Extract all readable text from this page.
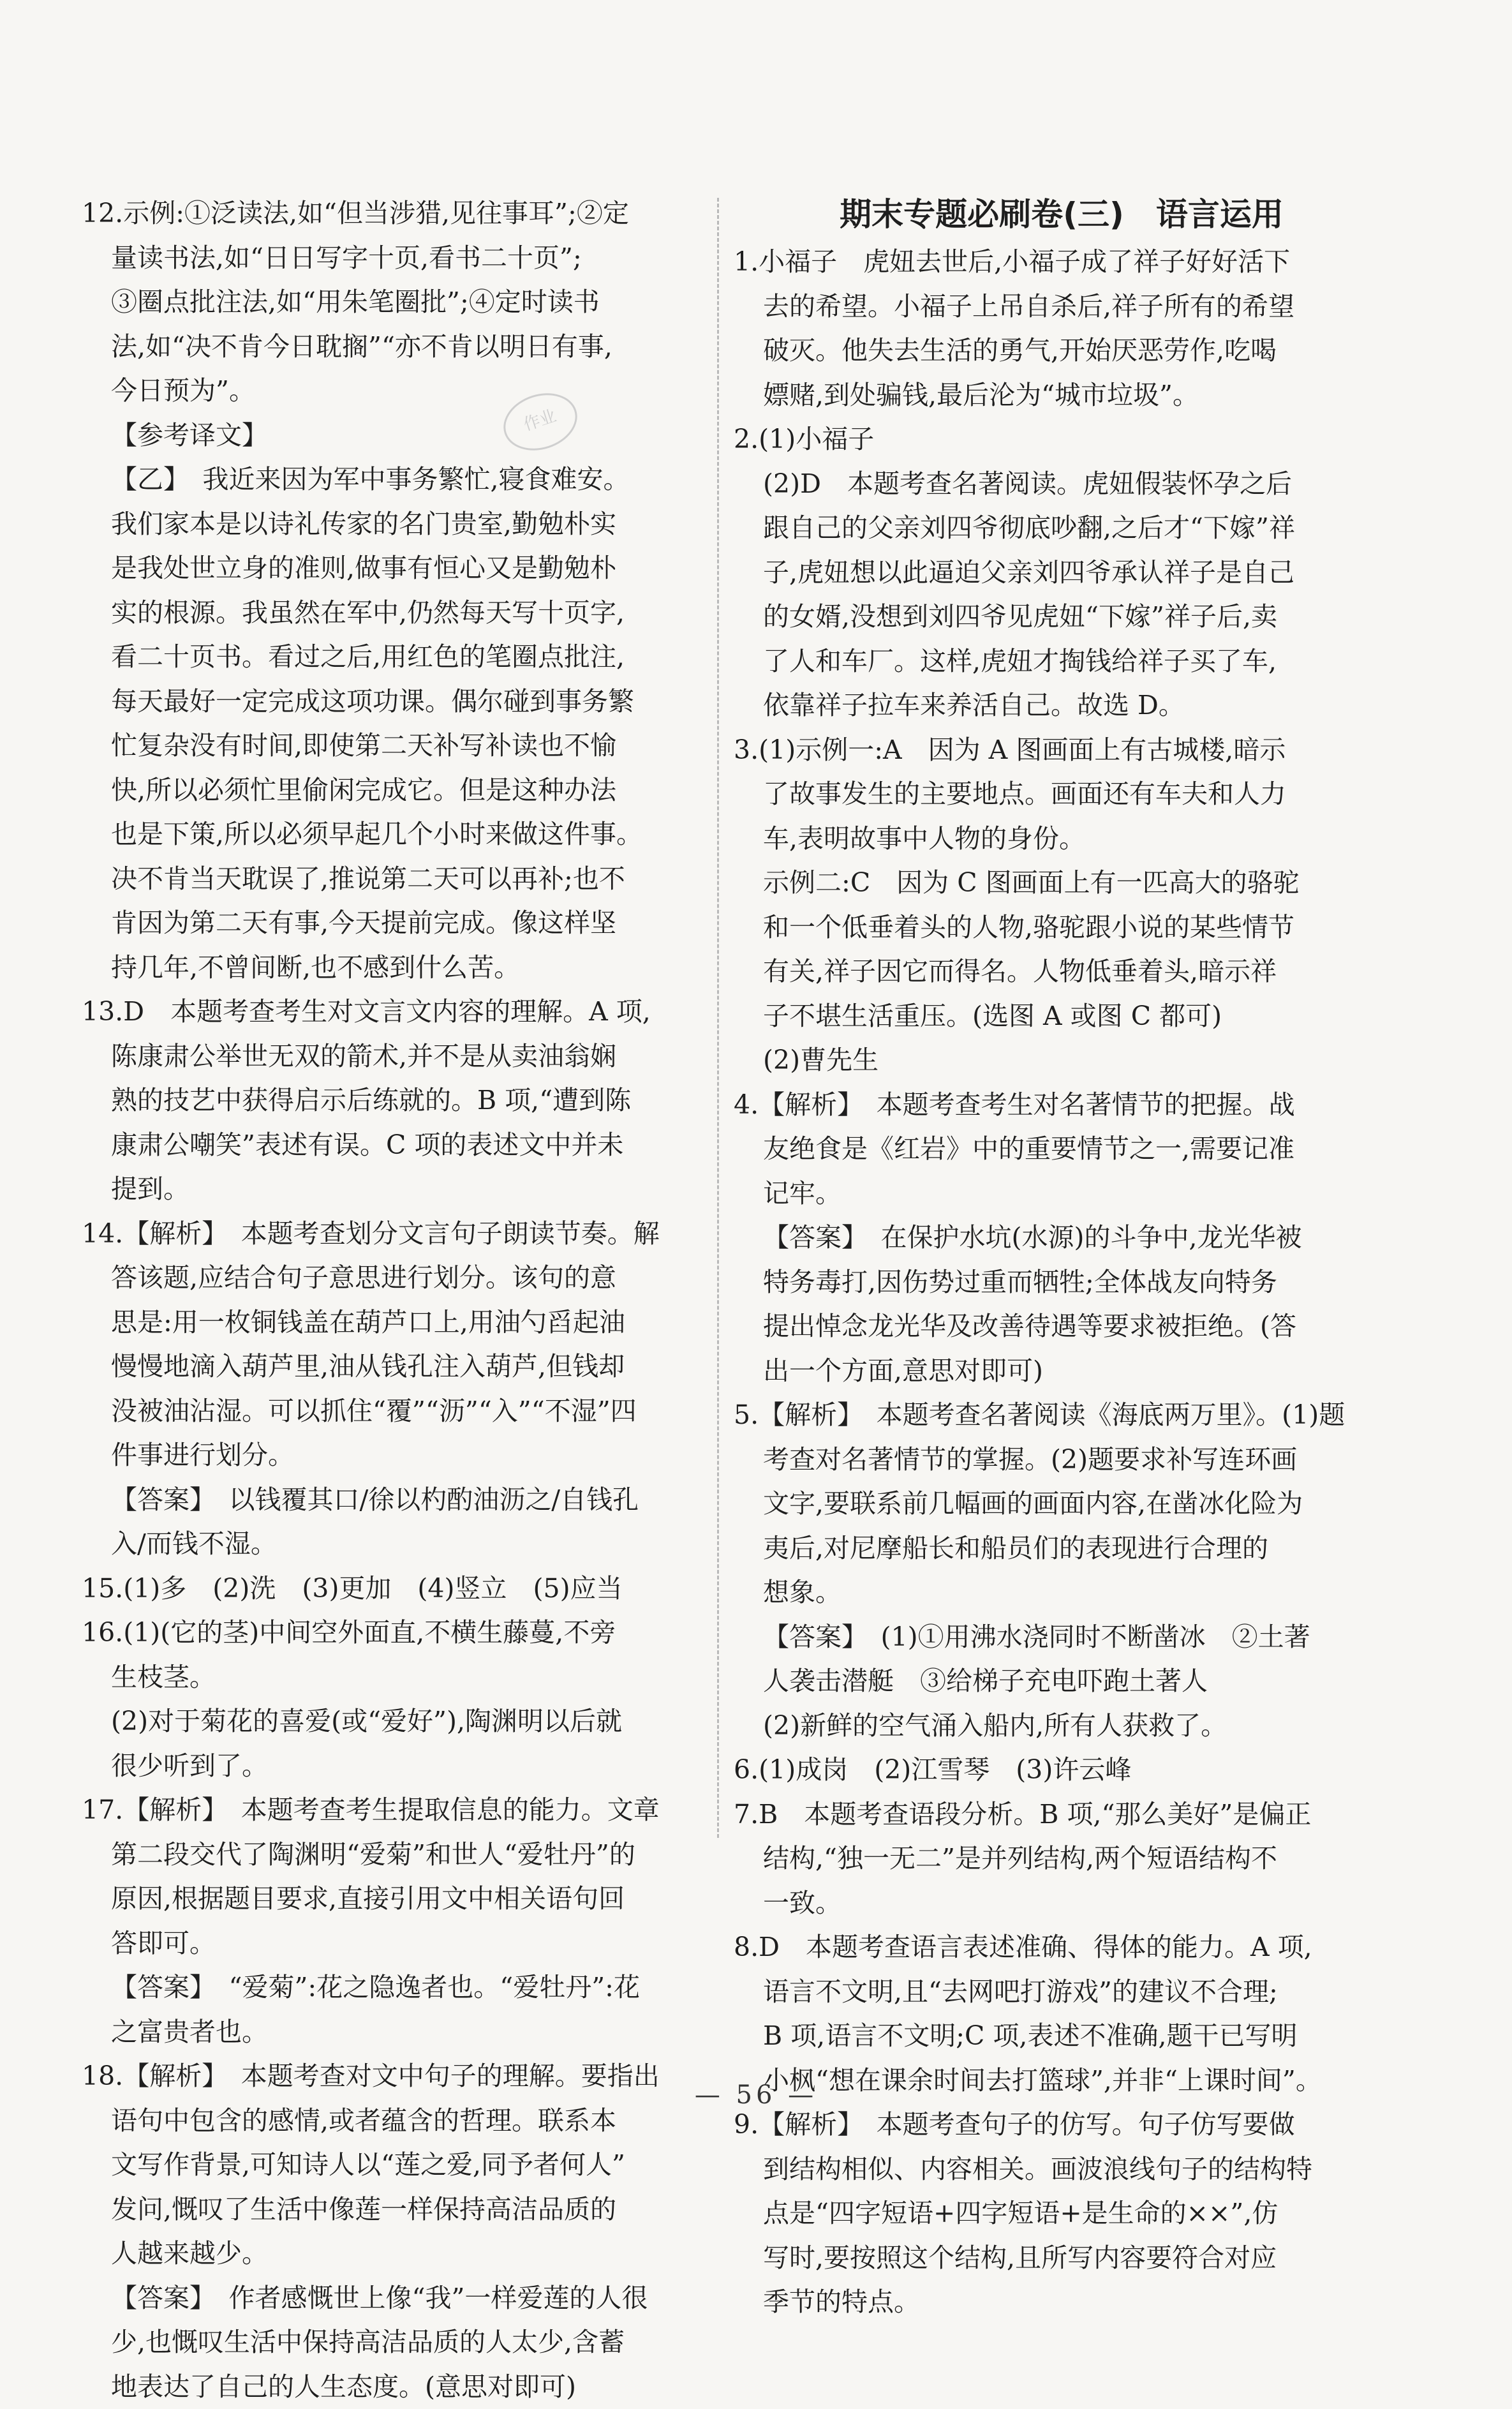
作业
12.示例:①泛读法,如“但当涉猎,见往事耳”;②定
量读书法,如“日日写字十页,看书二十页”;
③圈点批注法,如“用朱笔圈批”;④定时读书
法,如“决不肯今日耽搁”“亦不肯以明日有事,
今日预为”。
【参考译文】
【乙】　我近来因为军中事务繁忙,寝食难安。
我们家本是以诗礼传家的名门贵室,勤勉朴实
是我处世立身的准则,做事有恒心又是勤勉朴
实的根源。我虽然在军中,仍然每天写十页字,
看二十页书。看过之后,用红色的笔圈点批注,
每天最好一定完成这项功课。偶尔碰到事务繁
忙复杂没有时间,即使第二天补写补读也不愉
快,所以必须忙里偷闲完成它。但是这种办法
也是下策,所以必须早起几个小时来做这件事。
决不肯当天耽误了,推说第二天可以再补;也不
肯因为第二天有事,今天提前完成。像这样坚
持几年,不曾间断,也不感到什么苦。
13.D　本题考查考生对文言文内容的理解。A 项,
陈康肃公举世无双的箭术,并不是从卖油翁娴
熟的技艺中获得启示后练就的。B 项,“遭到陈
康肃公嘲笑”表述有误。C 项的表述文中并未
提到。
14.【解析】　本题考查划分文言句子朗读节奏。解
答该题,应结合句子意思进行划分。该句的意
思是:用一枚铜钱盖在葫芦口上,用油勺舀起油
慢慢地滴入葫芦里,油从钱孔注入葫芦,但钱却
没被油沾湿。可以抓住“覆”“沥”“入”“不湿”四
件事进行划分。
【答案】　以钱覆其口/徐以杓酌油沥之/自钱孔
入/而钱不湿。
15.(1)多　(2)洗　(3)更加　(4)竖立　(5)应当
16.(1)(它的茎)中间空外面直,不横生藤蔓,不旁
生枝茎。
(2)对于菊花的喜爱(或“爱好”),陶渊明以后就
很少听到了。
17.【解析】　本题考查考生提取信息的能力。文章
第二段交代了陶渊明“爱菊”和世人“爱牡丹”的
原因,根据题目要求,直接引用文中相关语句回
答即可。
【答案】　“爱菊”:花之隐逸者也。“爱牡丹”:花
之富贵者也。
18.【解析】　本题考查对文中句子的理解。要指出
语句中包含的感情,或者蕴含的哲理。联系本
文写作背景,可知诗人以“莲之爱,同予者何人”
发问,慨叹了生活中像莲一样保持高洁品质的
人越来越少。
【答案】　作者感慨世上像“我”一样爱莲的人很
少,也慨叹生活中保持高洁品质的人太少,含蓄
地表达了自己的人生态度。(意思对即可)
期末专题必刷卷(三)　语言运用
1.小福子　虎妞去世后,小福子成了祥子好好活下
去的希望。小福子上吊自杀后,祥子所有的希望
破灭。他失去生活的勇气,开始厌恶劳作,吃喝
嫖赌,到处骗钱,最后沦为“城市垃圾”。
2.(1)小福子
(2)D　本题考查名著阅读。虎妞假装怀孕之后
跟自己的父亲刘四爷彻底吵翻,之后才“下嫁”祥
子,虎妞想以此逼迫父亲刘四爷承认祥子是自己
的女婿,没想到刘四爷见虎妞“下嫁”祥子后,卖
了人和车厂。这样,虎妞才掏钱给祥子买了车,
依靠祥子拉车来养活自己。故选 D。
3.(1)示例一:A　因为 A 图画面上有古城楼,暗示
了故事发生的主要地点。画面还有车夫和人力
车,表明故事中人物的身份。
示例二:C　因为 C 图画面上有一匹高大的骆驼
和一个低垂着头的人物,骆驼跟小说的某些情节
有关,祥子因它而得名。人物低垂着头,暗示祥
子不堪生活重压。(选图 A 或图 C 都可)
(2)曹先生
4.【解析】　本题考查考生对名著情节的把握。战
友绝食是《红岩》中的重要情节之一,需要记准
记牢。
【答案】　在保护水坑(水源)的斗争中,龙光华被
特务毒打,因伤势过重而牺牲;全体战友向特务
提出悼念龙光华及改善待遇等要求被拒绝。(答
出一个方面,意思对即可)
5.【解析】　本题考查名著阅读《海底两万里》。(1)题
考查对名著情节的掌握。(2)题要求补写连环画
文字,要联系前几幅画的画面内容,在凿冰化险为
夷后,对尼摩船长和船员们的表现进行合理的
想象。
【答案】　(1)①用沸水浇同时不断凿冰　②土著
人袭击潜艇　③给梯子充电吓跑土著人
(2)新鲜的空气涌入船内,所有人获救了。
6.(1)成岗　(2)江雪琴　(3)许云峰
7.B　本题考查语段分析。B 项,“那么美好”是偏正
结构,“独一无二”是并列结构,两个短语结构不
一致。
8.D　本题考查语言表述准确、得体的能力。A 项,
语言不文明,且“去网吧打游戏”的建议不合理;
B 项,语言不文明;C 项,表述不准确,题干已写明
小枫“想在课余时间去打篮球”,并非“上课时间”。
9.【解析】　本题考查句子的仿写。句子仿写要做
到结构相似、内容相关。画波浪线句子的结构特
点是“四字短语+四字短语+是生命的××”,仿
写时,要按照这个结构,且所写内容要符合对应
季节的特点。
— 56 —
